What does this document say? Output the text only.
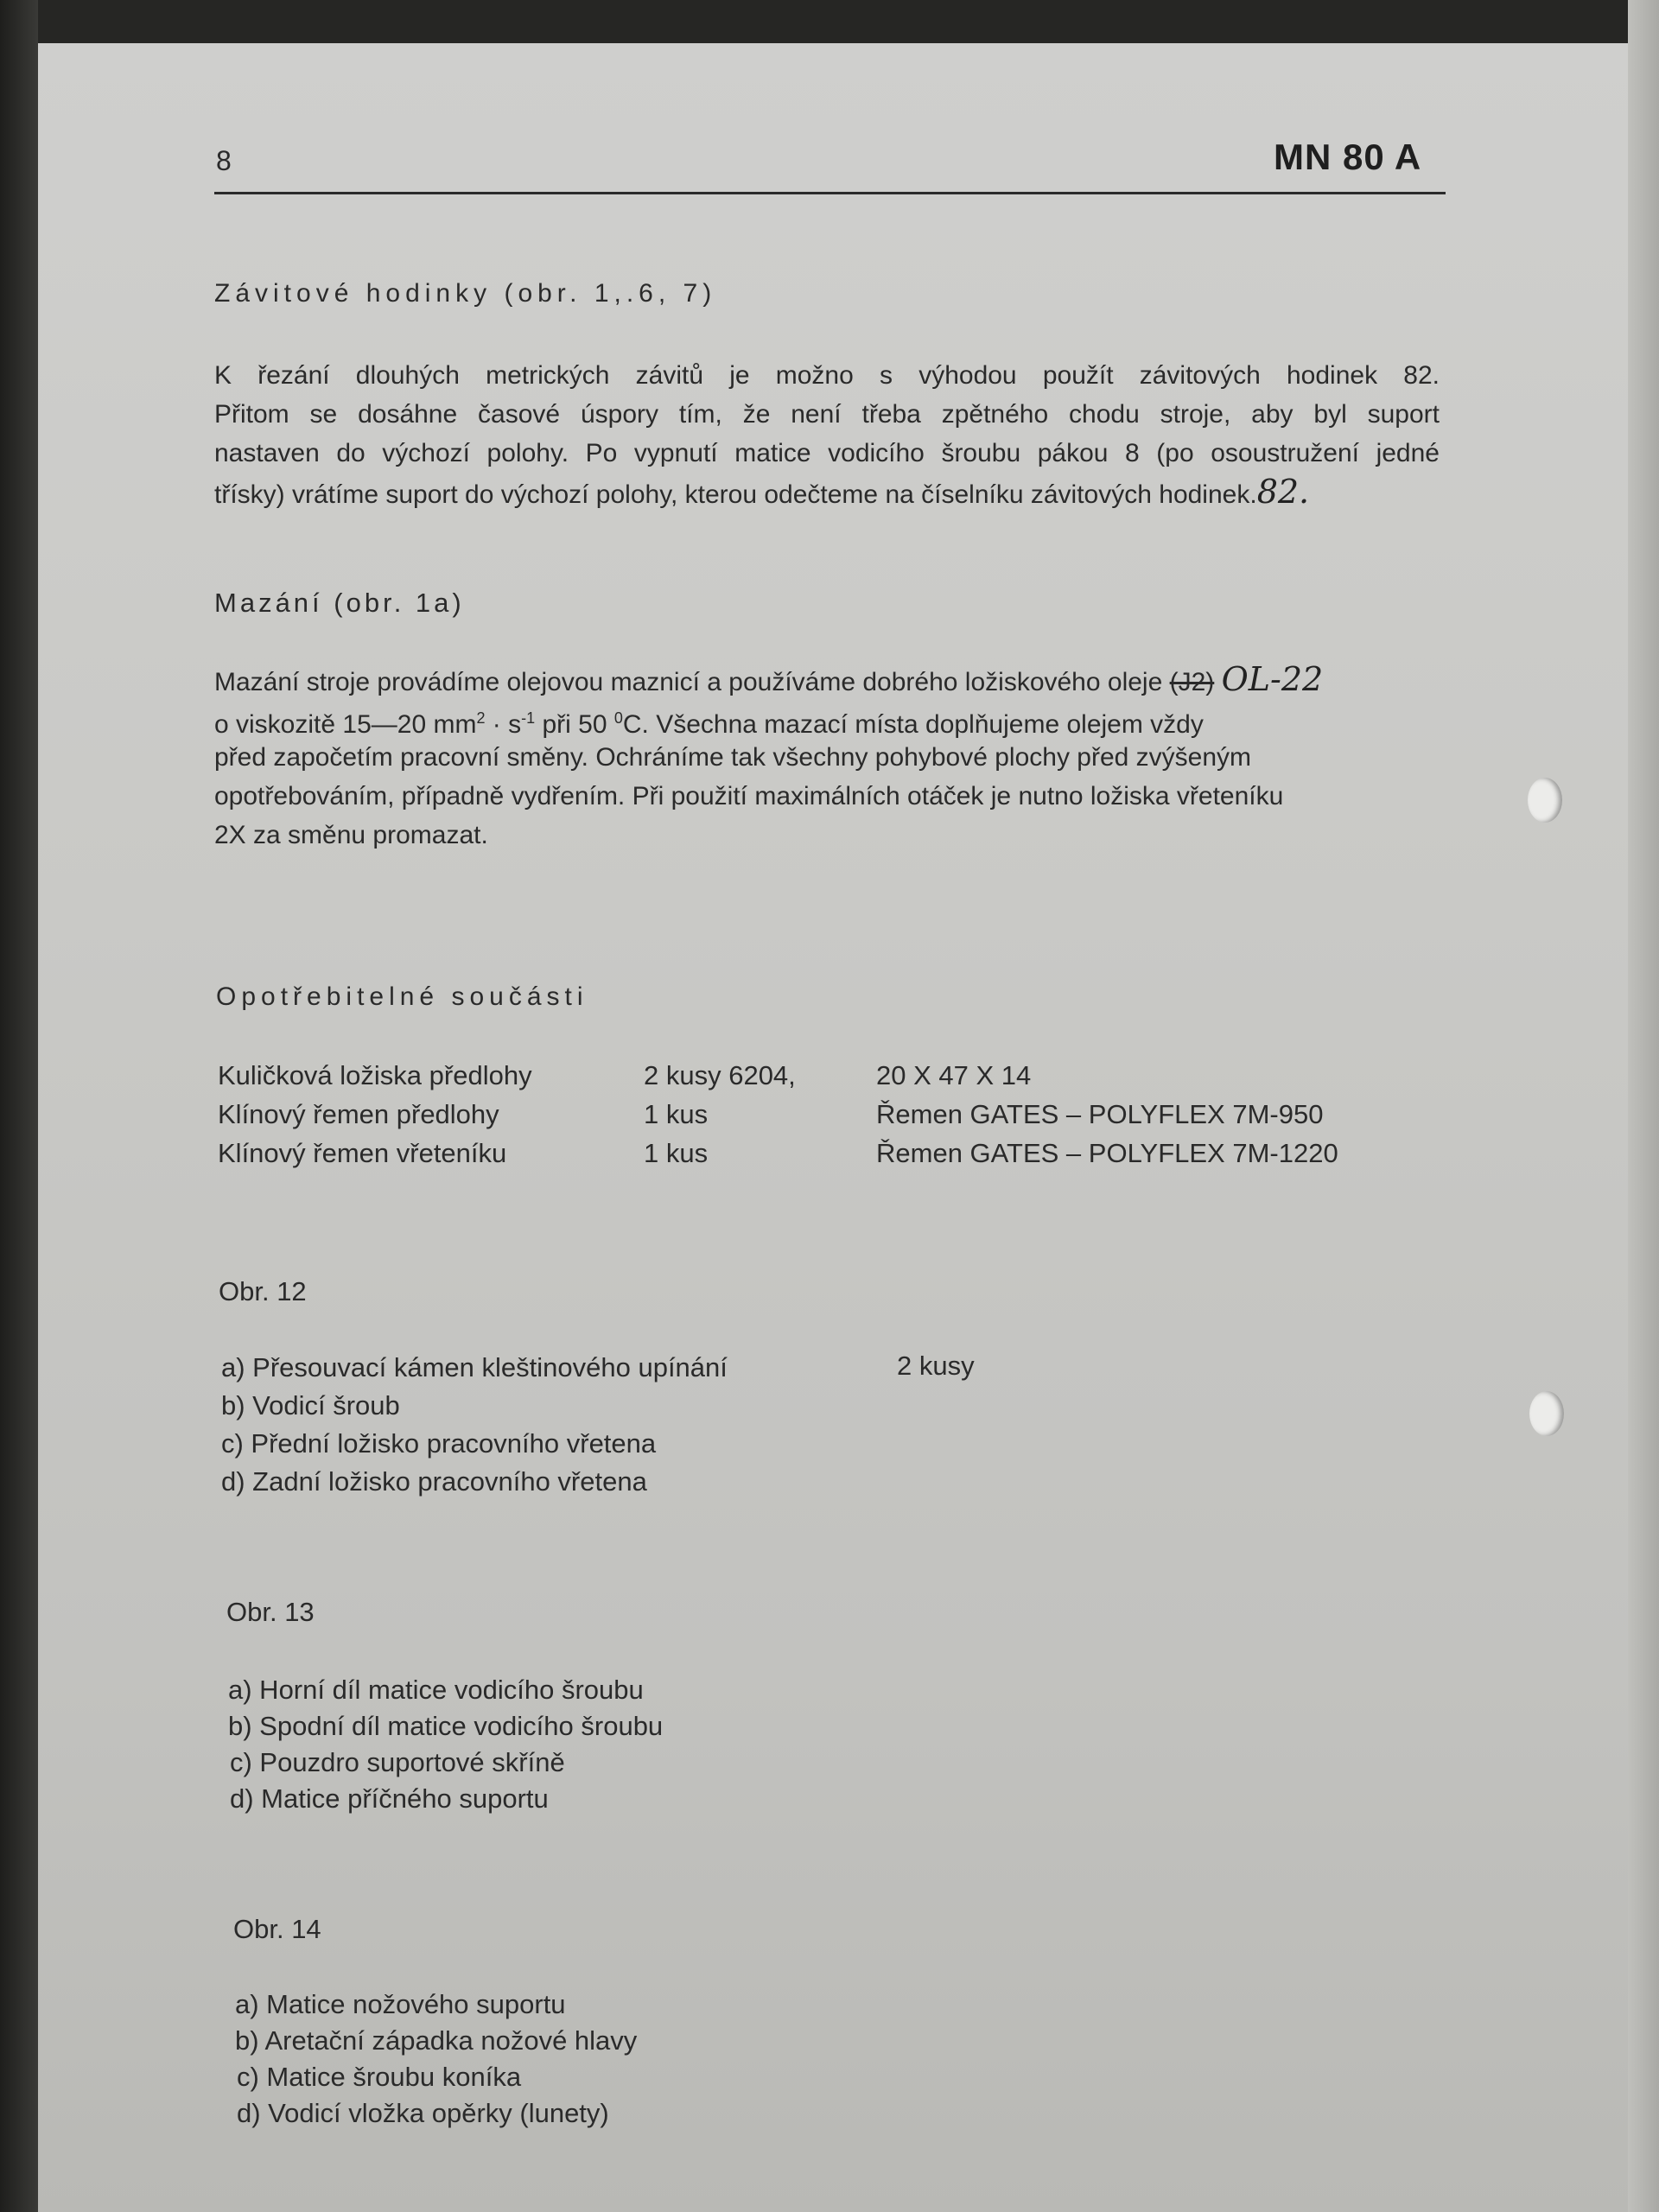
8	MN 80 A
Závitové hodinky (obr. 1,.6, 7)
K řezání dlouhých metrických závitů je možno s výhodou použít závitových hodinek 82.
Přitom se dosáhne časové úspory tím, že není třeba zpětného chodu stroje, aby byl suport
nastaven do výchozí polohy. Po vypnutí matice vodicího šroubu pákou 8 (po osoustružení jedné
třísky) vrátíme suport do výchozí polohy, kterou odečteme na číselníku závitových hodinek.82.
Mazání (obr. 1a)
Mazání stroje provádíme olejovou maznicí a používáme dobrého ložiskového oleje (J2) OL-22
o viskozitě 15—20 $mm^2 \cdot s^{-1}$ při 50 $^0$C. Všechna mazací místa doplňujeme olejem vždy
před započetím pracovní směny. Ochráníme tak všechny pohybové plochy před zvýšeným
opotřebováním, případně vydřením. Při použití maximálních otáček je nutno ložiska vřeteníku
2X za směnu promazat.
Opotřebitelné součásti
Kuličková ložiska předlohy	2 kusy 6204,	20 X 47 X 14
Klínový řemen předlohy	1 kus	Řemen GATES – POLYFLEX 7M-950
Klínový řemen vřeteníku	1 kus	Řemen GATES – POLYFLEX 7M-1220
Obr. 12
a) Přesouvací kámen kleštinového upínání	2 kusy
b) Vodicí šroub
c) Přední ložisko pracovního vřetena
d) Zadní ložisko pracovního vřetena
Obr. 13
a) Horní díl matice vodicího šroubu
b) Spodní díl matice vodicího šroubu
c) Pouzdro suportové skříně
d) Matice příčného suportu
Obr. 14
a) Matice nožového suportu
b) Aretační západka nožové hlavy
c) Matice šroubu koníka
d) Vodicí vložka opěrky (lunety)
